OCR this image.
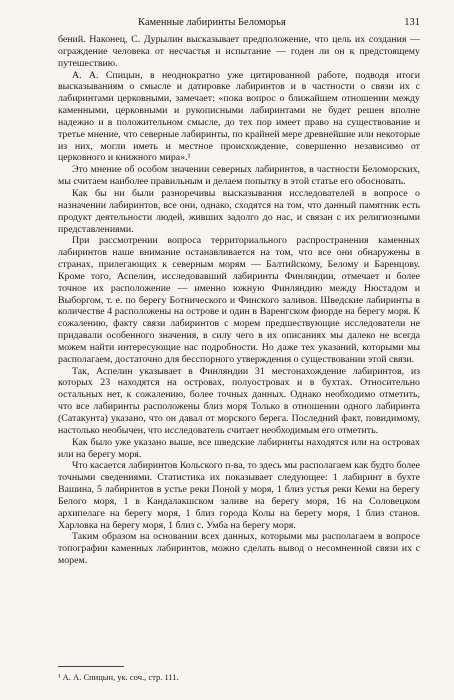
Каменные лабиринты Беломорья	131

бений. Наконец, С. Дурылин высказывает предположение, что цель их создания — ограждение человека от несчастья и испытание — годен ли он к предстоящему путешествию.

А. А. Спицын, в неоднократно уже цитированной работе, подводя итоги высказываниям о смысле и датировке лабиринтов и в частности о связи их с лабиринтами церковными, замечает: «пока вопрос о ближайшем отношении между каменными, церковными и рукописными лабиринтами не будет решен вполне надежно и в положительном смысле, до тех пор имеет право на существование и третье мнение, что северные лабиринты, по крайней мере древнейшие или некоторые из них, могли иметь и местное происхождение, совершенно независимо от церковного и книжного мира».¹

Это мнение об особом значении северных лабиринтов, в частности Беломорских, мы считаем наиболее правильным и делаем попытку в этой статье его обосновать.

Как бы ни были разноречивы высказывания исследователей в вопросе о назначении лабиринтов, все они, однако, сходятся на том, что данный памятник есть продукт деятельности людей, живших задолго до нас, и связан с их религиозными представлениями.

При рассмотрении вопроса территориального распространения каменных лабиринтов наше внимание останавливается на том, что все они обнаружены в странах, прилегающих к северным морям — Балтийскому, Белому и Баренцову. Кроме того, Аспелин, исследовавший лабиринты Финляндии, отмечает и более точное их расположение — именно южную Финляндию между Нюстадом и Выборгом, т. е. по берегу Ботнического и Финского заливов. Шведские лабиринты в количестве 4 расположены на острове и один в Варенгском фиорде на берегу моря. К сожалению, факту связи лабиринтов с морем предшествующие исследователи не придавали особенного значения, в силу чего в их описаниях мы далеко не всегда можем найти интересующие нас подробности. Но даже тех указаний, которыми мы располагаем, достаточно для бесспорного утверждения о существовании этой связи.

Так, Аспелин указывает в Финляндии 31 местонахождение лабиринтов, из которых 23 находятся на островах, полуостровах и в бухтах. Относительно остальных нет, к сожалению, более точных данных. Однако необходимо отметить, что все лабиринты расположены близ моря Только в отношении одного лабиринта (Сатакунта) указано, что он давал от морского берега. Последний факт, повидимому, настолько необычен, что исследователь считает необходимым его отметить.

Как было уже указано выше, все шведские лабиринты находятся или на островах или на берегу моря.

Что касается лабиринтов Кольского п-ва, то здесь мы располагаем как будто более точными сведениями. Статистика их показывает следующее: 1 лабиринт в бухте Вашина, 5 лабиринтов в устье реки Поной у моря, 1 близ устья реки Кеми на берегу Белого моря, 1 в Кандалакшском заливе на берегу моря, 16 на Соловецком архипелаге на берегу моря, 1 близ города Колы на берегу моря, 1 близ станов. Харловка на берегу моря, 1 близ с. Умба на берегу моря.

Таким образом на основании всех данных, которыми мы располагаем в вопросе топографии каменных лабиринтов, можно сделать вывод о несомненной связи их с морем.

¹ А. А. Спицын, ук. соч., стр. 111.
